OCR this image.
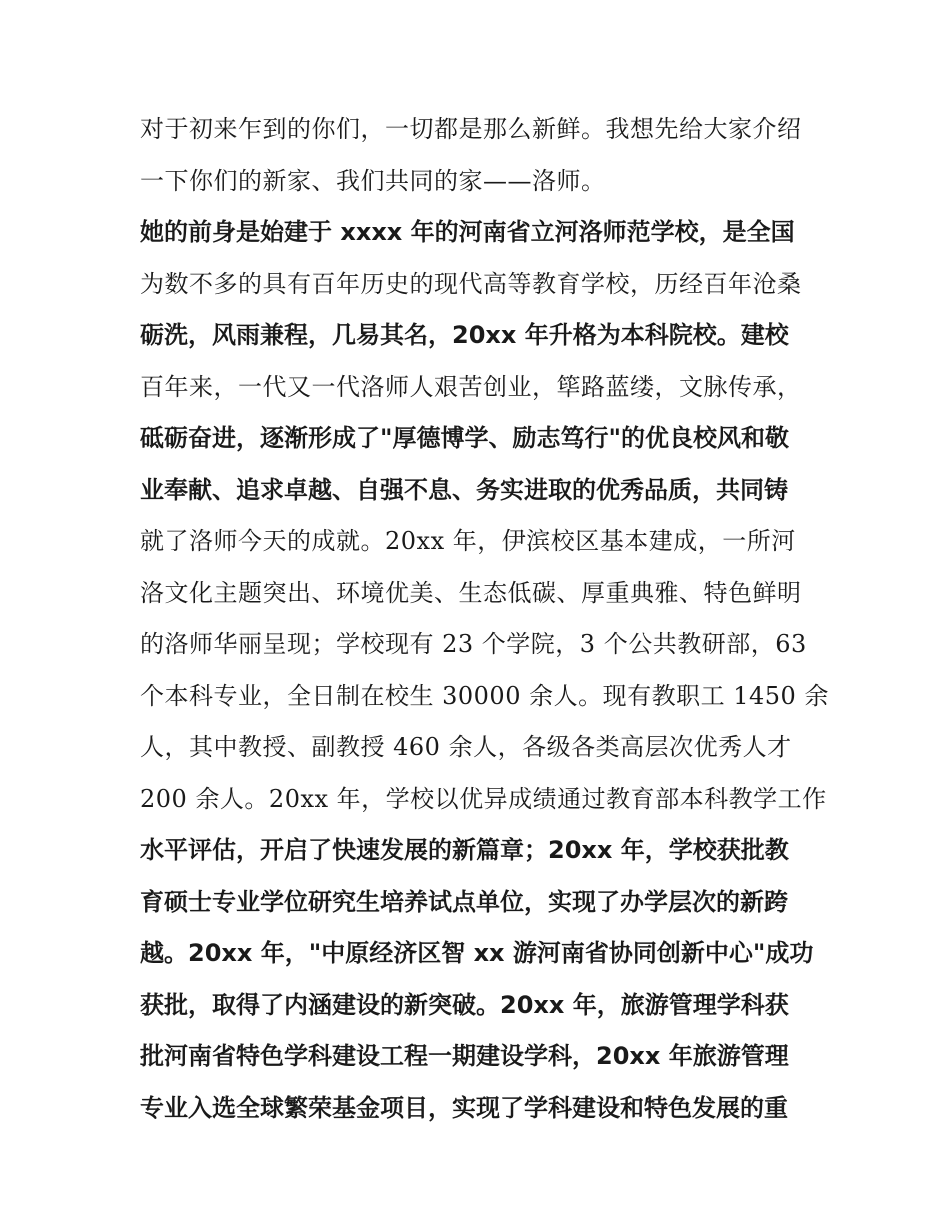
对于初来乍到的你们，一切都是那么新鲜。我想先给大家介绍
一下你们的新家、我们共同的家——洛师。
她的前身是始建于 xxxx 年的河南省立河洛师范学校，是全国
为数不多的具有百年历史的现代高等教育学校，历经百年沧桑
砺洗，风雨兼程，几易其名，20xx 年升格为本科院校。建校
百年来，一代又一代洛师人艰苦创业，筚路蓝缕，文脉传承，
砥砺奋进，逐渐形成了"厚德博学、励志笃行"的优良校风和敬
业奉献、追求卓越、自强不息、务实进取的优秀品质，共同铸
就了洛师今天的成就。20xx 年，伊滨校区基本建成，一所河
洛文化主题突出、环境优美、生态低碳、厚重典雅、特色鲜明
的洛师华丽呈现；学校现有 23 个学院，3 个公共教研部，63
个本科专业，全日制在校生 30000 余人。现有教职工 1450 余
人，其中教授、副教授 460 余人，各级各类高层次优秀人才
200 余人。20xx 年，学校以优异成绩通过教育部本科教学工作
水平评估，开启了快速发展的新篇章；20xx 年，学校获批教
育硕士专业学位研究生培养试点单位，实现了办学层次的新跨
越。20xx 年，"中原经济区智 xx 游河南省协同创新中心"成功
获批，取得了内涵建设的新突破。20xx 年，旅游管理学科获
批河南省特色学科建设工程一期建设学科，20xx 年旅游管理
专业入选全球繁荣基金项目，实现了学科建设和特色发展的重
